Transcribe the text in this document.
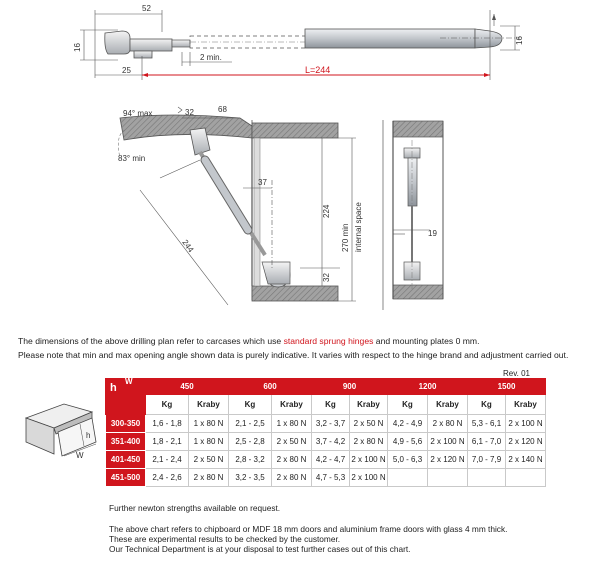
52
16
16
2 min.
25	L=244
94° max
83° min
32	68
244
37
224
32
270 min internal space	19
The dimensions of the above drilling plan refer to carcases which use standard sprung hinges and mounting plates 0 mm.
Please note that min and max opening angle shown data is purely indicative. It varies with respect to the hinge brand and adjustment carried out.
h
W
Rev. 01
h
W	450		600		900		1200		1500	
	Kg	Kraby	Kg	Kraby	Kg	Kraby	Kg	Kraby	Kg	Kraby
300-350	1,6 - 1,8	1 x 80 N	2,1 - 2,5	1 x 80 N	3,2 - 3,7	2 x 50 N	4,2 - 4,9	2 x 80 N	5,3 - 6,1	2 x 100 N
351-400	1,8 - 2,1	1 x 80 N	2,5 - 2,8	2 x 50 N	3,7 - 4,2	2 x 80 N	4,9 - 5,6	2 x 100 N	6,1 - 7,0	2 x 120 N
401-450	2,1 - 2,4	2 x 50 N	2,8 - 3,2	2 x 80 N	4,2 - 4,7	2 x 100 N	5,0 - 6,3	2 x 120 N	7,0 - 7,9	2 x 140 N
451-500	2,4 - 2,6	2 x 80 N	3,2 - 3,5	2 x 80 N	4,7 - 5,3	2 x 100 N				
Further newton strengths available on request.
The above chart refers to chipboard or MDF 18 mm doors and aluminium frame doors with glass 4 mm thick.
These are experimental results to be checked by the customer.
Our Technical Department is at your disposal to test further cases out of this chart.
